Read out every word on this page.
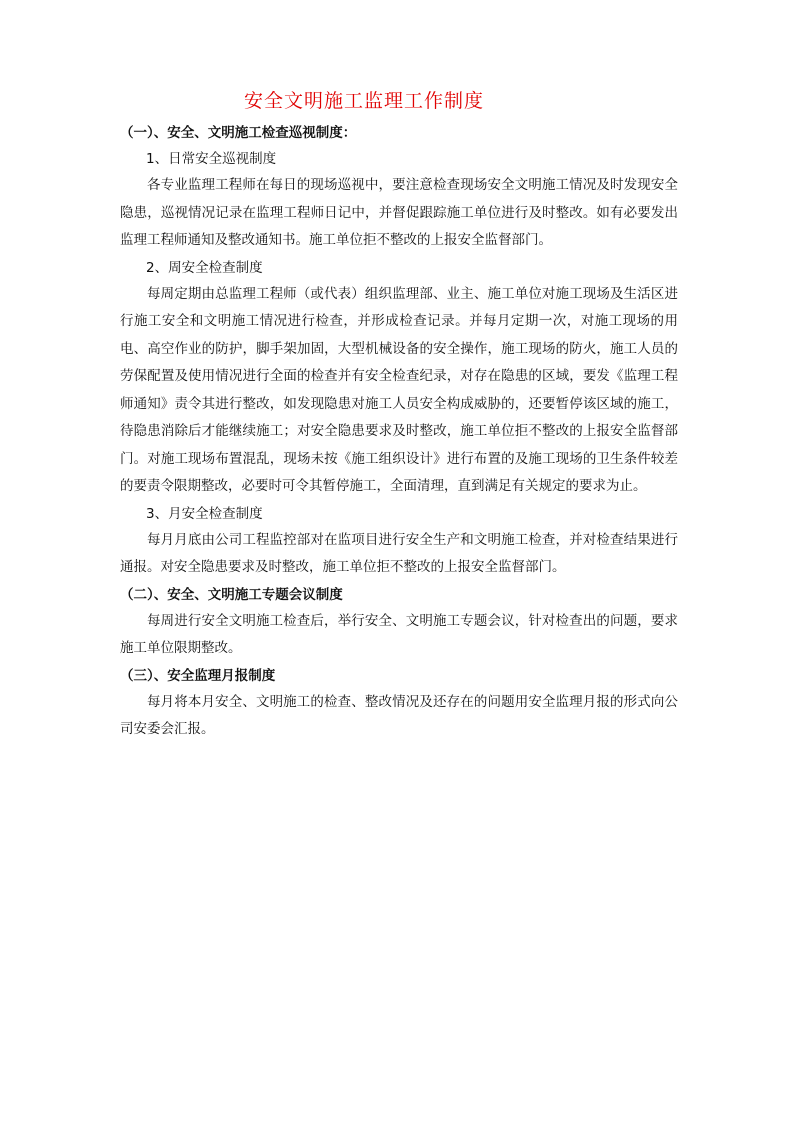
安全文明施工监理工作制度
（一）、安全、文明施工检查巡视制度：
1、日常安全巡视制度
各专业监理工程师在每日的现场巡视中，要注意检查现场安全文明施工情况及时发现安全隐患，巡视情况记录在监理工程师日记中，并督促跟踪施工单位进行及时整改。如有必要发出监理工程师通知及整改通知书。施工单位拒不整改的上报安全监督部门。
2、周安全检查制度
每周定期由总监理工程师（或代表）组织监理部、业主、施工单位对施工现场及生活区进行施工安全和文明施工情况进行检查，并形成检查记录。并每月定期一次，对施工现场的用电、高空作业的防护，脚手架加固，大型机械设备的安全操作，施工现场的防火，施工人员的劳保配置及使用情况进行全面的检查并有安全检查纪录，对存在隐患的区域，要发《监理工程师通知》责令其进行整改，如发现隐患对施工人员安全构成威胁的，还要暂停该区域的施工，待隐患消除后才能继续施工；对安全隐患要求及时整改，施工单位拒不整改的上报安全监督部门。对施工现场布置混乱，现场未按《施工组织设计》进行布置的及施工现场的卫生条件较差的要责令限期整改，必要时可令其暂停施工，全面清理，直到满足有关规定的要求为止。
3、月安全检查制度
每月月底由公司工程监控部对在监项目进行安全生产和文明施工检查，并对检查结果进行通报。对安全隐患要求及时整改，施工单位拒不整改的上报安全监督部门。
（二）、安全、文明施工专题会议制度
每周进行安全文明施工检查后，举行安全、文明施工专题会议，针对检查出的问题，要求施工单位限期整改。
（三）、安全监理月报制度
每月将本月安全、文明施工的检查、整改情况及还存在的问题用安全监理月报的形式向公司安委会汇报。
